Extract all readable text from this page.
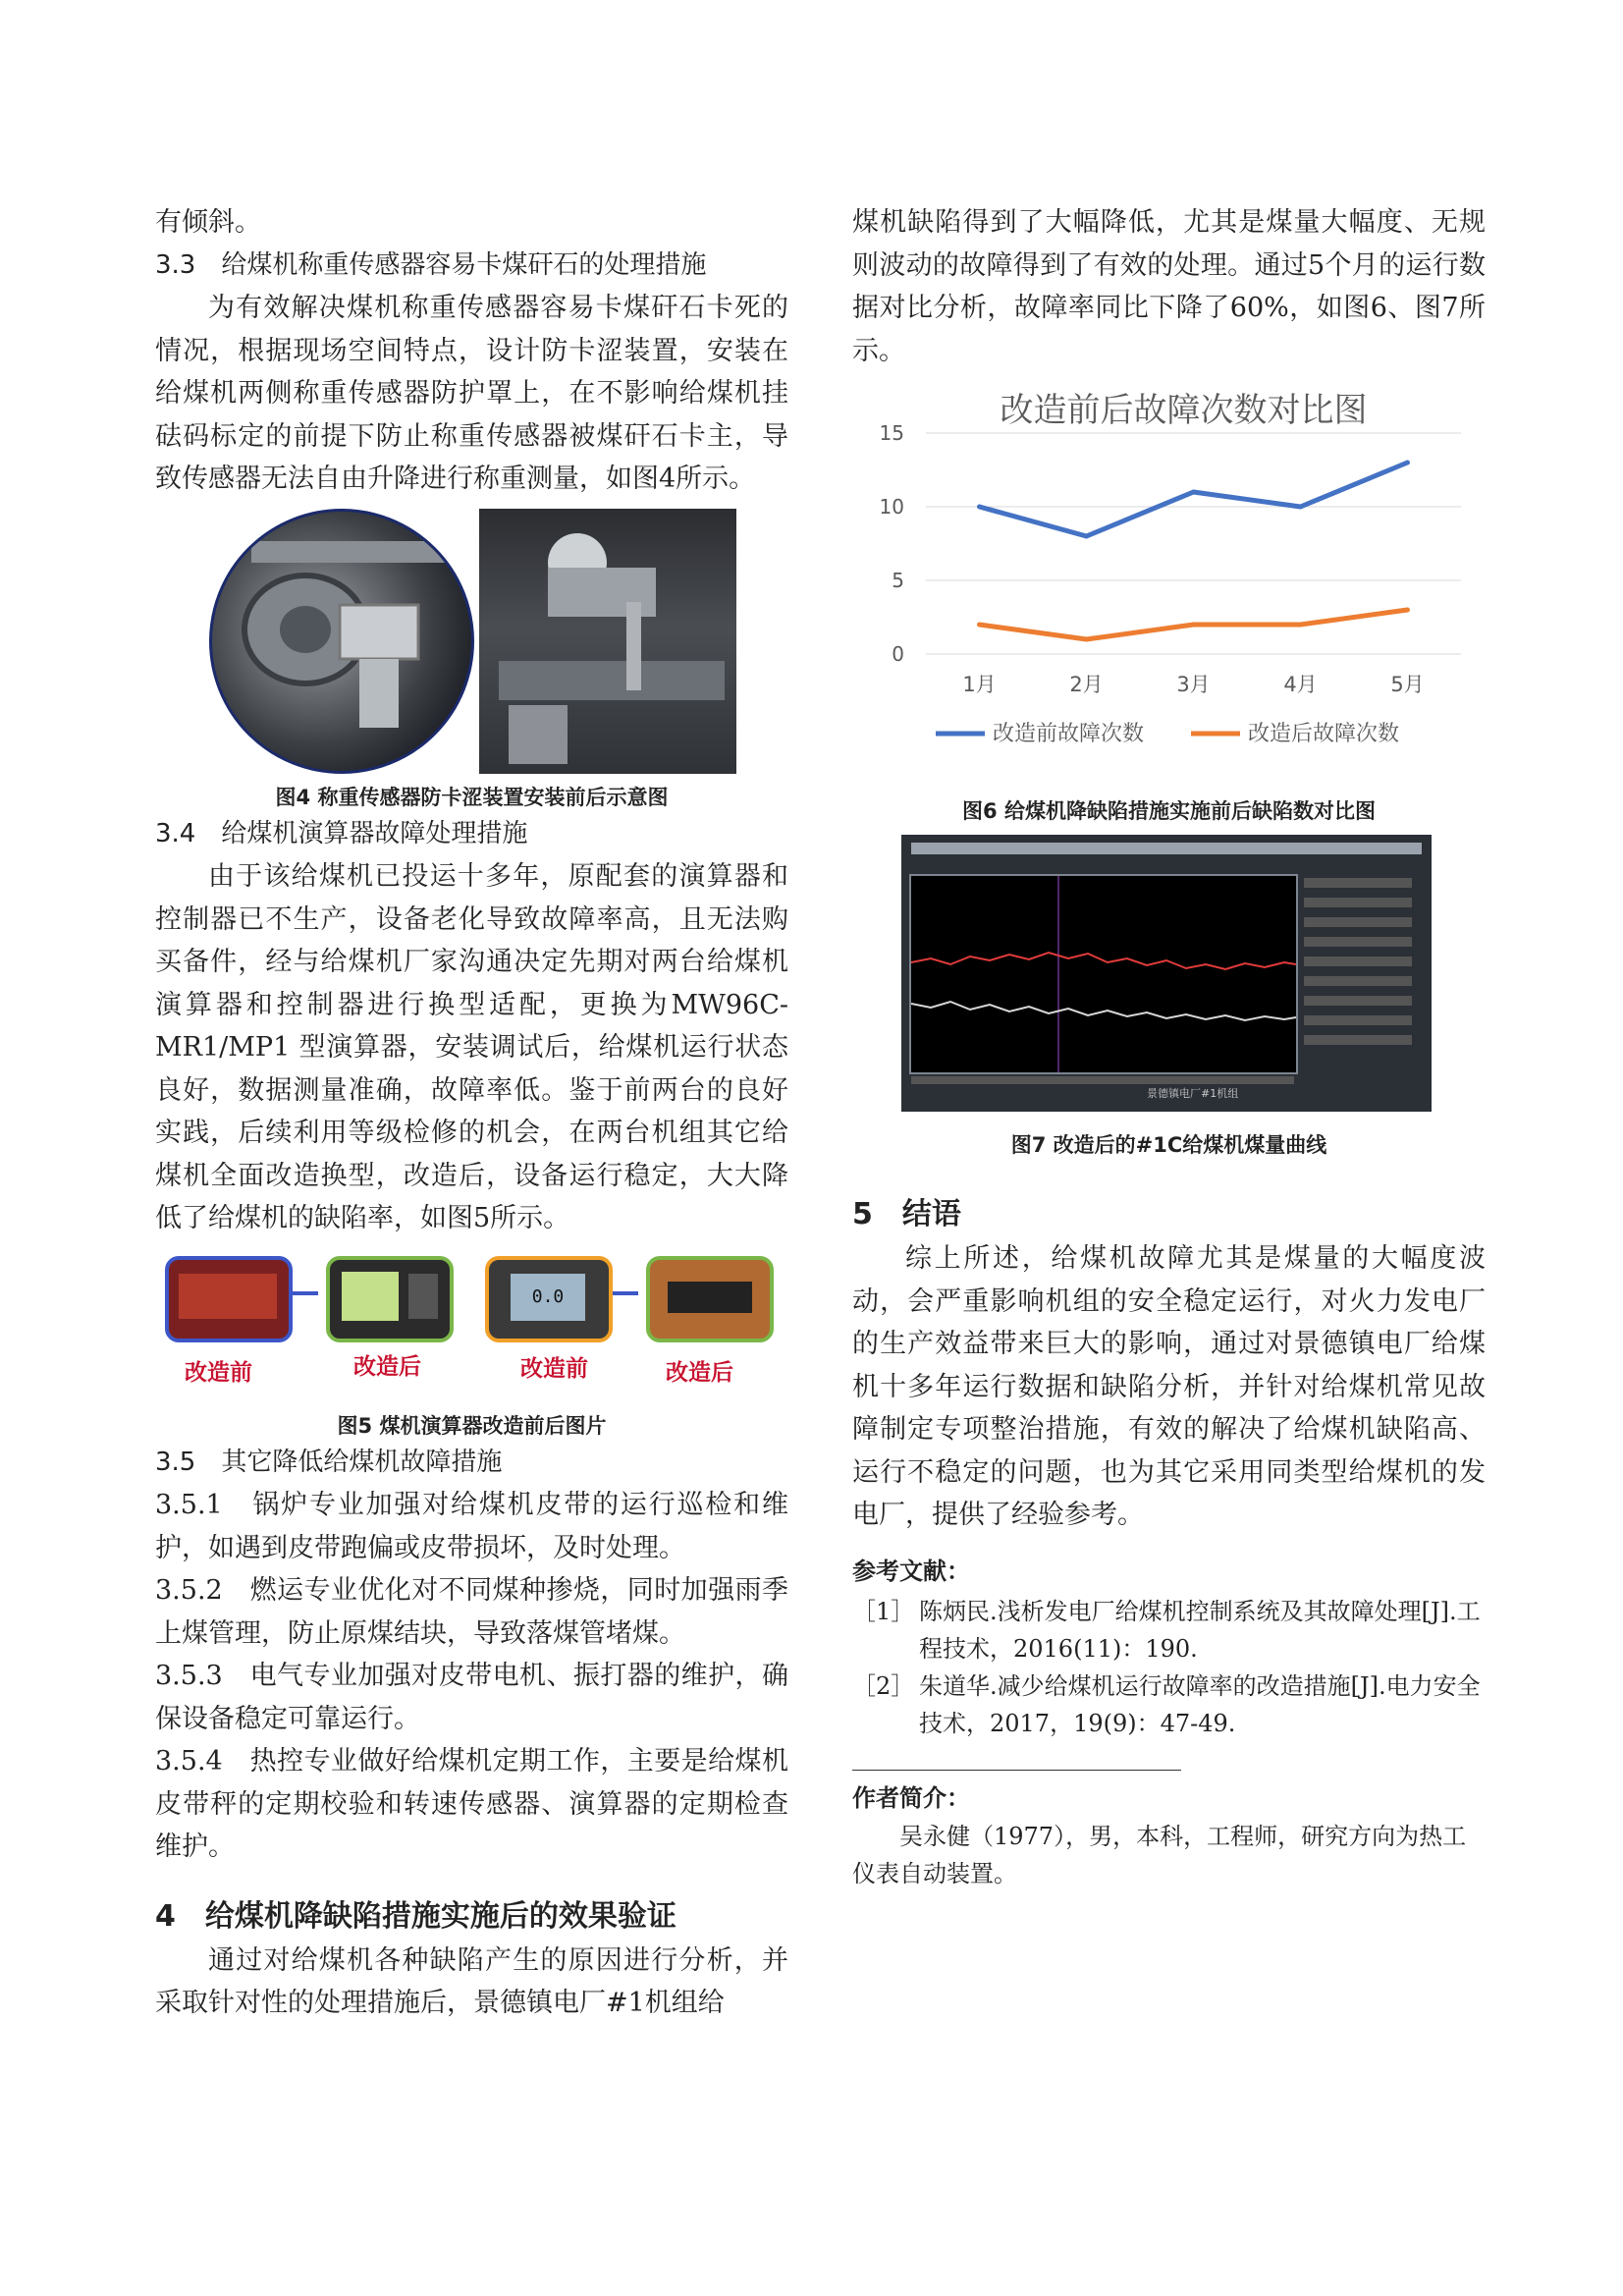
有倾斜。

3.3　给煤机称重传感器容易卡煤矸石的处理措施

为有效解决煤机称重传感器容易卡煤矸石卡死的情况，根据现场空间特点，设计防卡涩装置，安装在给煤机两侧称重传感器防护罩上，在不影响给煤机挂砝码标定的前提下防止称重传感器被煤矸石卡主，导致传感器无法自由升降进行称重测量，如图4所示。

图4 称重传感器防卡涩装置安装前后示意图

3.4　给煤机演算器故障处理措施

由于该给煤机已投运十多年，原配套的演算器和控制器已不生产，设备老化导致故障率高，且无法购买备件，经与给煤机厂家沟通决定先期对两台给煤机演算器和控制器进行换型适配，更换为MW96C-MR1/MP1 型演算器，安装调试后，给煤机运行状态良好，数据测量准确，故障率低。鉴于前两台的良好实践，后续利用等级检修的机会，在两台机组其它给煤机全面改造换型，改造后，设备运行稳定，大大降低了给煤机的缺陷率，如图5所示。

0.0
改造前	改造后	改造前	改造后

图5 煤机演算器改造前后图片

3.5　其它降低给煤机故障措施

3.5.1　锅炉专业加强对给煤机皮带的运行巡检和维护，如遇到皮带跑偏或皮带损坏，及时处理。

3.5.2　燃运专业优化对不同煤种掺烧，同时加强雨季上煤管理，防止原煤结块，导致落煤管堵煤。

3.5.3　电气专业加强对皮带电机、振打器的维护，确保设备稳定可靠运行。

3.5.4　热控专业做好给煤机定期工作，主要是给煤机皮带秤的定期校验和转速传感器、演算器的定期检查维护。

4　给煤机降缺陷措施实施后的效果验证

通过对给煤机各种缺陷产生的原因进行分析，并采取针对性的处理措施后，景德镇电厂#1机组给

煤机缺陷得到了大幅降低，尤其是煤量大幅度、无规则波动的故障得到了有效的处理。通过5个月的运行数据对比分析，故障率同比下降了60%，如图6、图7所示。

改造前后故障次数对比图
0
5
10
15
1月	2月	3月	4月	5月
改造前故障次数	改造后故障次数

图6 给煤机降缺陷措施实施前后缺陷数对比图

景德镇电厂#1机组

图7 改造后的#1C给煤机煤量曲线

5　结语

综上所述，给煤机故障尤其是煤量的大幅度波动，会严重影响机组的安全稳定运行，对火力发电厂的生产效益带来巨大的影响，通过对景德镇电厂给煤机十多年运行数据和缺陷分析，并针对给煤机常见故障制定专项整治措施，有效的解决了给煤机缺陷高、运行不稳定的问题，也为其它采用同类型给煤机的发电厂，提供了经验参考。

参考文献：

［1］ 陈炳民.浅析发电厂给煤机控制系统及其故障处理[J].工程技术，2016(11)：190.
［2］ 朱道华.减少给煤机运行故障率的改造措施[J].电力安全技术，2017，19(9)：47-49.

作者简介：

吴永健（1977），男，本科，工程师，研究方向为热工仪表自动装置。
